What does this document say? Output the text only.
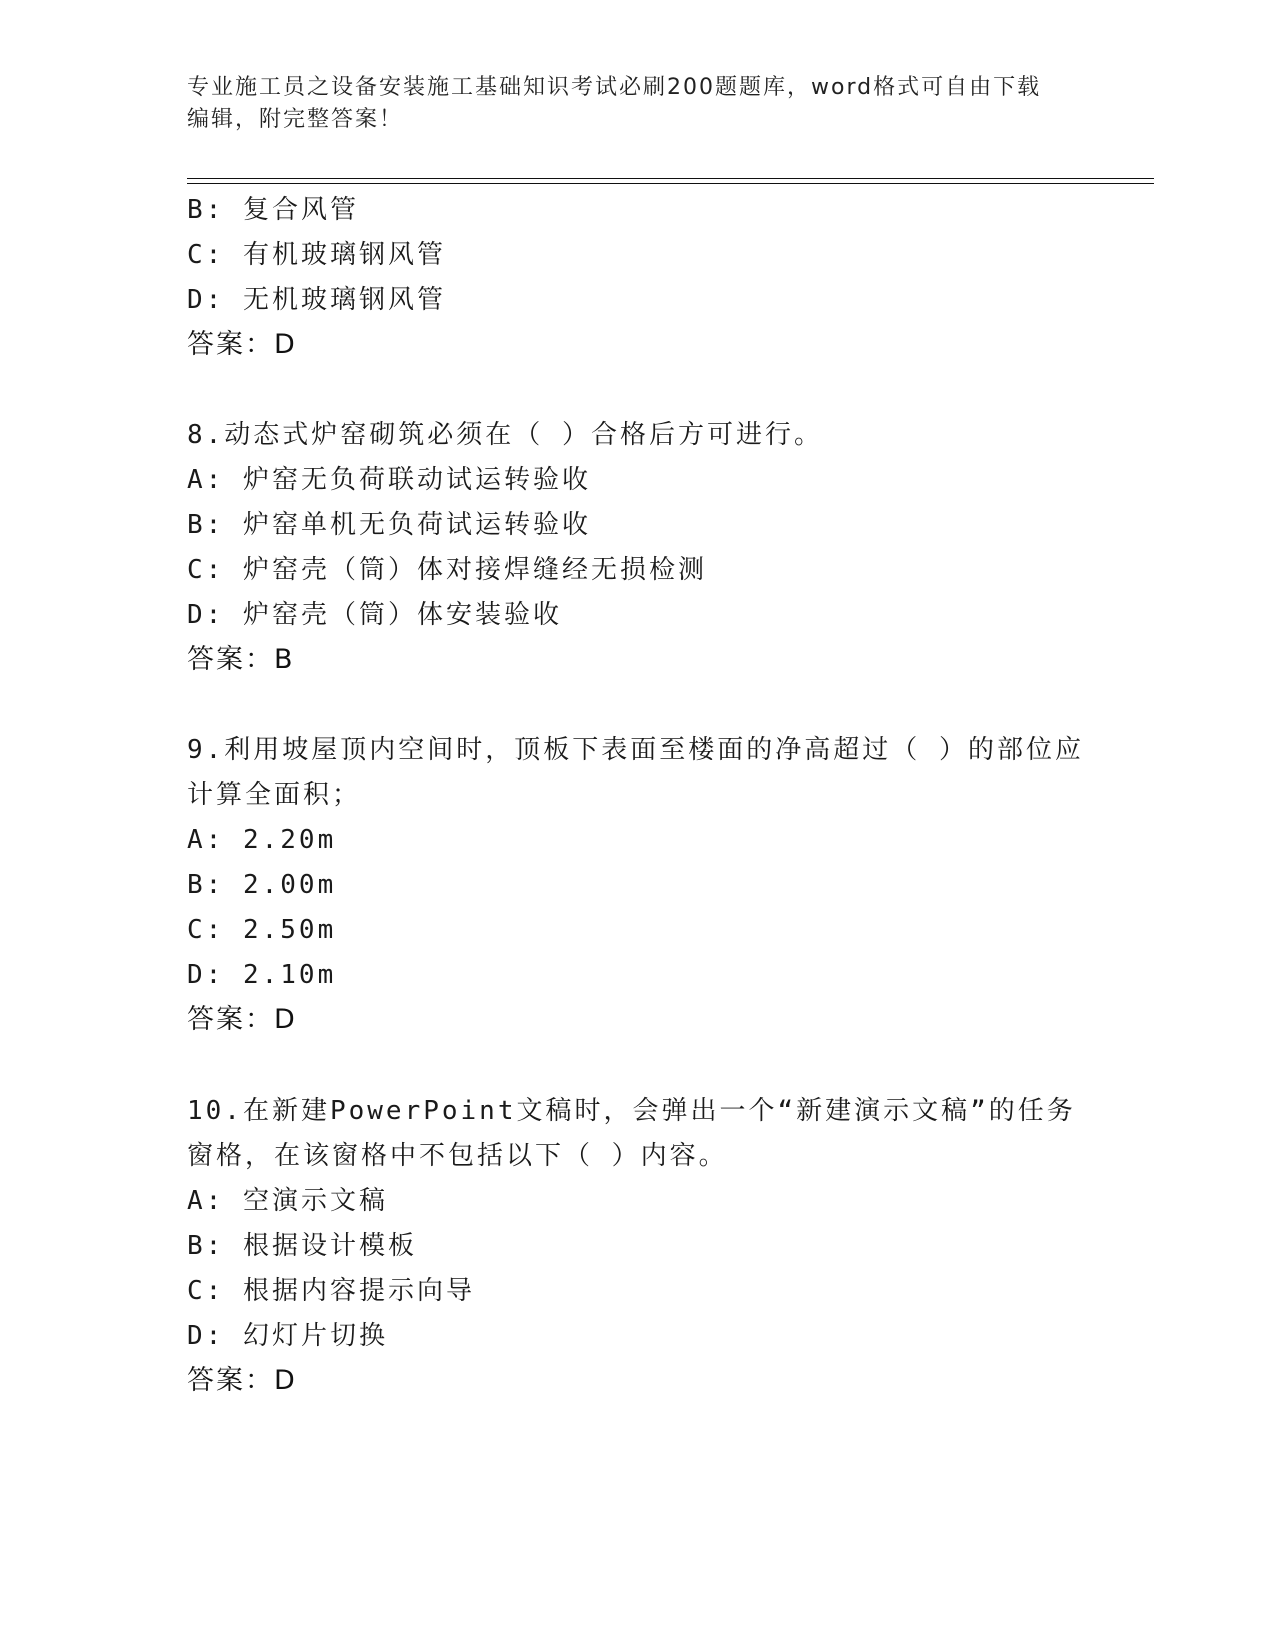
专业施工员之设备安装施工基础知识考试必刷200题题库，word格式可自由下载
编辑，附完整答案！
B: 复合风管
C: 有机玻璃钢风管
D: 无机玻璃钢风管
答案：D
8.动态式炉窑砌筑必须在（ ）合格后方可进行。
A: 炉窑无负荷联动试运转验收
B: 炉窑单机无负荷试运转验收
C: 炉窑壳（筒）体对接焊缝经无损检测
D: 炉窑壳（筒）体安装验收
答案：B
9.利用坡屋顶内空间时，顶板下表面至楼面的净高超过（ ）的部位应
计算全面积；
A: 2.20m
B: 2.00m
C: 2.50m
D: 2.10m
答案：D
10.在新建PowerPoint文稿时，会弹出一个“新建演示文稿”的任务
窗格，在该窗格中不包括以下（ ）内容。
A: 空演示文稿
B: 根据设计模板
C: 根据内容提示向导
D: 幻灯片切换
答案：D
